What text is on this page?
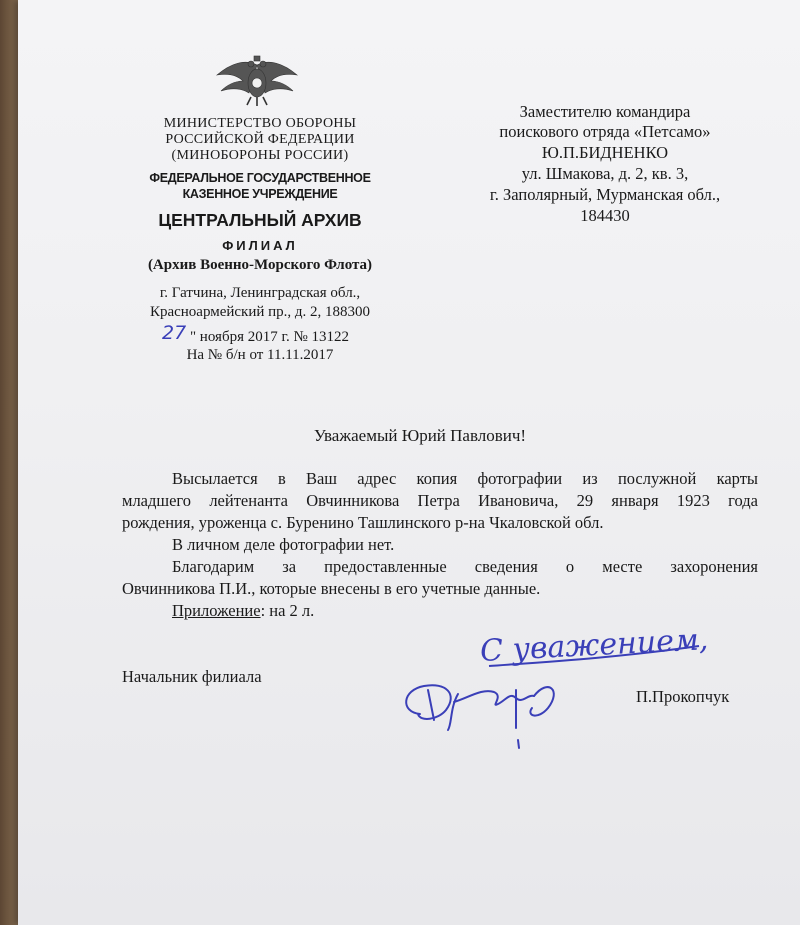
МИНИСТЕРСТВО ОБОРОНЫ
РОССИЙСКОЙ ФЕДЕРАЦИИ
(МИНОБОРОНЫ РОССИИ)
ФЕДЕРАЛЬНОЕ ГОСУДАРСТВЕННОЕ
КАЗЕННОЕ УЧРЕЖДЕНИЕ
ЦЕНТРАЛЬНЫЙ АРХИВ
ФИЛИАЛ
(Архив Военно-Морского Флота)
г. Гатчина, Ленинградская обл.,
Красноармейский пр., д. 2, 188300
27 " ноября 2017 г. № 13122
На № б/н от 11.11.2017
Заместителю командира
поискового отряда «Петсамо»
Ю.П.БИДНЕНКО
ул. Шмакова, д. 2, кв. 3,
г. Заполярный, Мурманская обл.,
184430
Уважаемый Юрий Павлович!

Высылается в Ваш адрес копия фотографии из послужной карты

младшего лейтенанта Овчинникова Петра Ивановича, 29 января 1923 года

рождения, уроженца с. Буренино Ташлинского р-на Чкаловской обл.

В личном деле фотографии нет.

Благодарим за предоставленные сведения о месте захоронения

Овчинникова П.И., которые внесены в его учетные данные.

Приложение: на 2 л.

С уважением,
Начальник филиала
П.Прокопчук
